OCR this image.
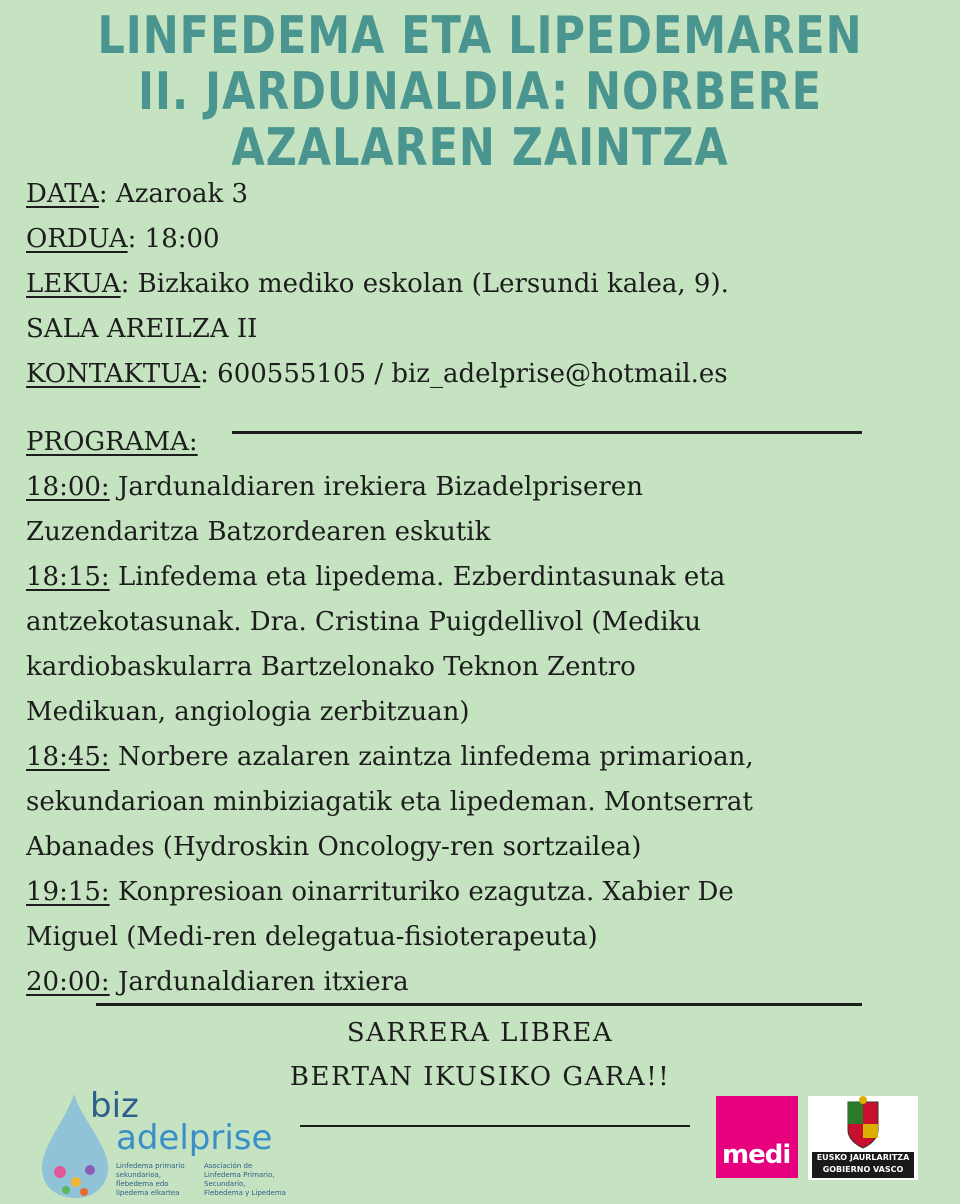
LINFEDEMA ETA LIPEDEMAREN
II. JARDUNALDIA: NORBERE
AZALAREN ZAINTZA
DATA: Azaroak 3
ORDUA: 18:00
LEKUA: Bizkaiko mediko eskolan (Lersundi kalea, 9).
SALA AREILZA II
KONTAKTUA: 600555105 / biz_adelprise@hotmail.es
PROGRAMA:
18:00: Jardunaldiaren irekiera Bizadelpriseren
Zuzendaritza Batzordearen eskutik
18:15: Linfedema eta lipedema. Ezberdintasunak eta
antzekotasunak. Dra. Cristina Puigdellivol (Mediku
kardiobaskularra Bartzelonako Teknon Zentro
Medikuan, angiologia zerbitzuan)
18:45: Norbere azalaren zaintza linfedema primarioan,
sekundarioan minbiziagatik eta lipedeman. Montserrat
Abanades (Hydroskin Oncology-ren sortzailea)
19:15: Konpresioan oinarrituriko ezagutza. Xabier De
Miguel (Medi-ren delegatua-fisioterapeuta)
20:00: Jardunaldiaren itxiera
SARRERA LIBREA
BERTAN IKUSIKO GARA!!
biz
adelprise
Linfedema primario sekundarioa, flebedema edo lipedema elkartea
Asociación de Linfedema Primario, Secundario, Flebedema y Lipedema
medi	EUSKO JAURLARITZA
GOBIERNO VASCO
